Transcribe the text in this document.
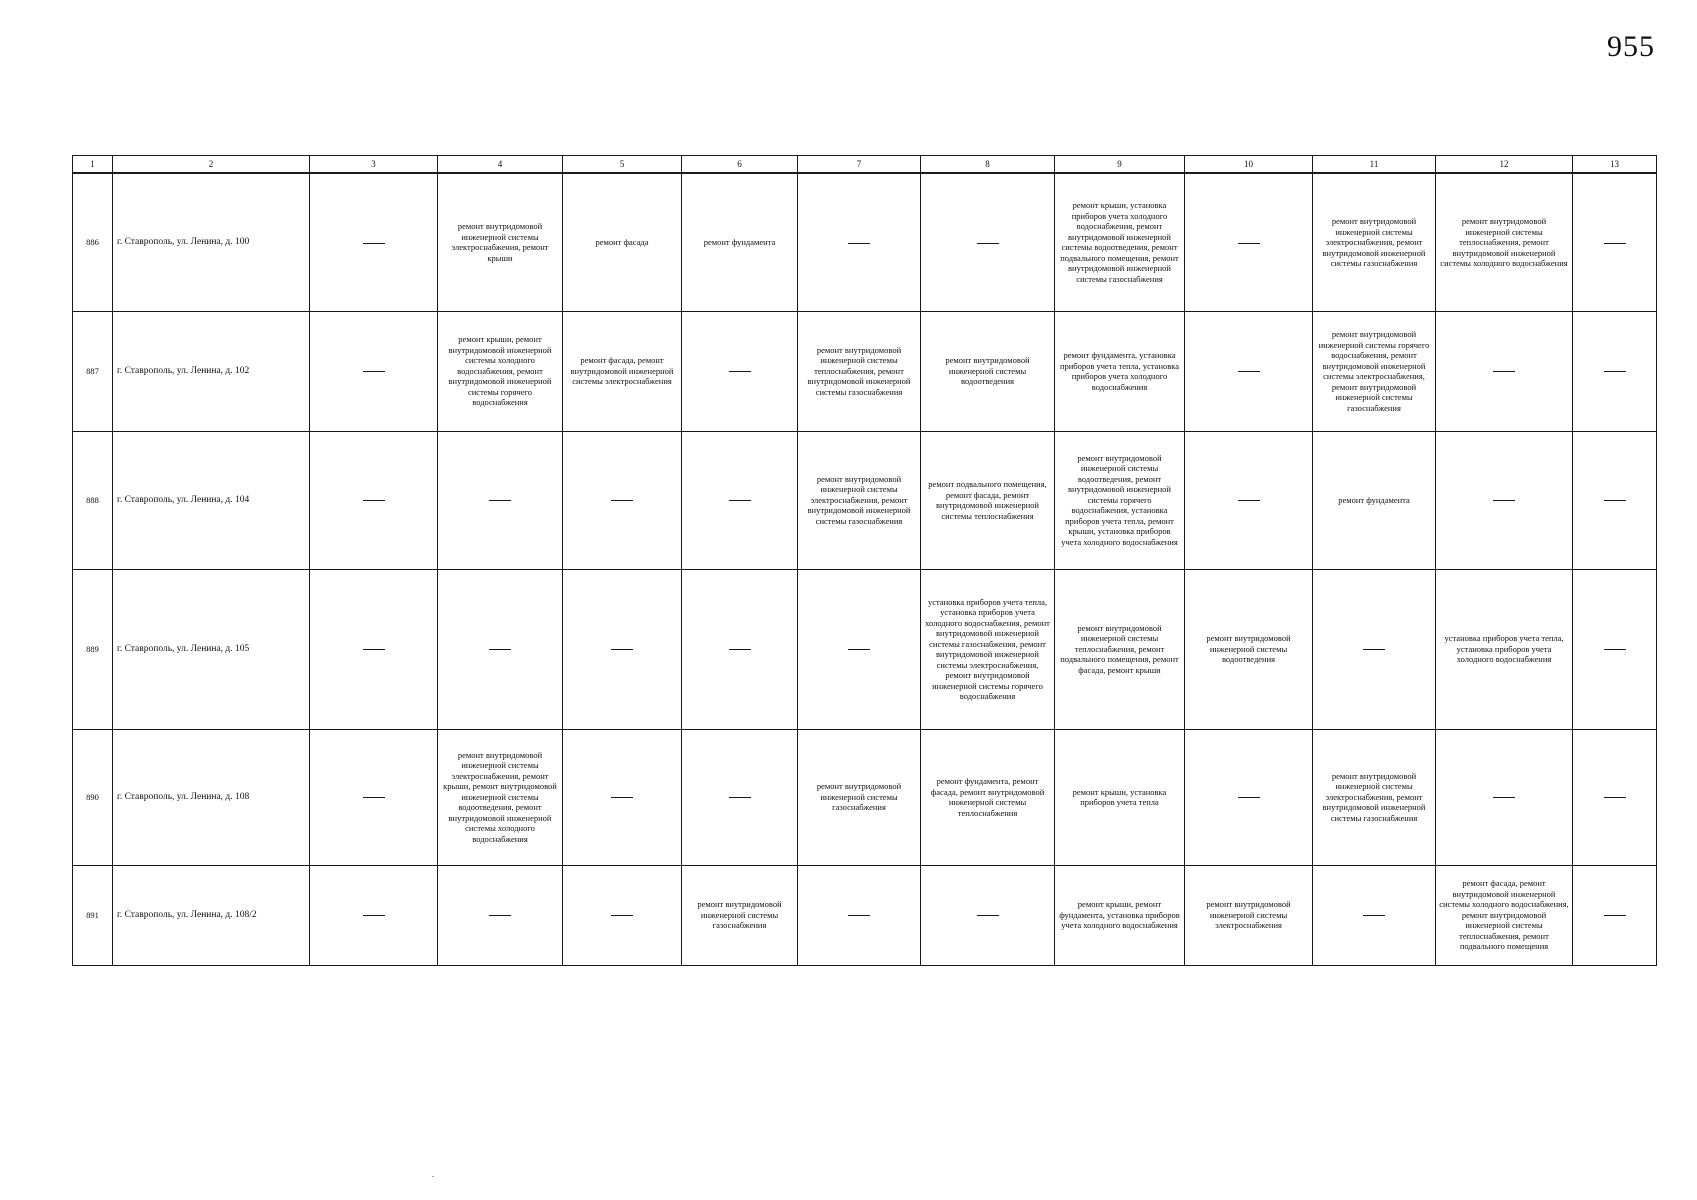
955
1	2	3	4	5	6	7	8	9	10	11	12	13
886	г. Ставрополь, ул. Ленина, д. 100		ремонт внутридомовой инженерной системы электроснабжения, ремонт крыши	ремонт фасада	ремонт фундамента			ремонт крыши, установка приборов учета холодного водоснабжения, ремонт внутридомовой инженерной системы водоотведения, ремонт подвального помещения, ремонт внутридомовой инженерной системы газоснабжения		ремонт внутридомовой инженерной системы электроснабжения, ремонт внутридомовой инженерной системы газоснабжения	ремонт внутридомовой инженерной системы теплоснабжения, ремонт внутридомовой инженерной системы холодного водоснабжения	
887	г. Ставрополь, ул. Ленина, д. 102		ремонт крыши, ремонт внутридомовой инженерной системы холодного водоснабжения, ремонт внутридомовой инженерной системы горячего водоснабжения	ремонт фасада, ремонт внутридомовой инженерной системы электроснабжения		ремонт внутридомовой инженерной системы теплоснабжения, ремонт внутридомовой инженерной системы газоснабжения	ремонт внутридомовой инженерной системы водоотведения	ремонт фундамента, установка приборов учета тепла, установка приборов учета холодного водоснабжения		ремонт внутридомовой инженерной системы горячего водоснабжения, ремонт внутридомовой инженерной системы электроснабжения, ремонт внутридомовой инженерной системы газоснабжения		
888	г. Ставрополь, ул. Ленина, д. 104					ремонт внутридомовой инженерной системы электроснабжения, ремонт внутридомовой инженерной системы газоснабжения	ремонт подвального помещения, ремонт фасада, ремонт внутридомовой инженерной системы теплоснабжения	ремонт внутридомовой инженерной системы водоотведения, ремонт внутридомовой инженерной системы горячего водоснабжения, установка приборов учета тепла, ремонт крыши, установка приборов учета холодного водоснабжения		ремонт фундамента		
889	г. Ставрополь, ул. Ленина, д. 105						установка приборов учета тепла, установка приборов учета холодного водоснабжения, ремонт внутридомовой инженерной системы газоснабжения, ремонт внутридомовой инженерной системы электроснабжения, ремонт внутридомовой инженерной системы горячего водоснабжения	ремонт внутридомовой инженерной системы теплоснабжения, ремонт подвального помещения, ремонт фасада, ремонт крыши	ремонт внутридомовой инженерной системы водоотведения		установка приборов учета тепла, установка приборов учета холодного водоснабжения	
890	г. Ставрополь, ул. Ленина, д. 108		ремонт внутридомовой инженерной системы электроснабжения, ремонт крыши, ремонт внутридомовой инженерной системы водоотведения, ремонт внутридомовой инженерной системы холодного водоснабжения			ремонт внутридомовой инженерной системы газоснабжения	ремонт фундамента, ремонт фасада, ремонт внутридомовой инженерной системы теплоснабжения	ремонт крыши, установка приборов учета тепла		ремонт внутридомовой инженерной системы электроснабжения, ремонт внутридомовой инженерной системы газоснабжения		
891	г. Ставрополь, ул. Ленина, д. 108/2				ремонт внутридомовой инженерной системы газоснабжения			ремонт крыши, ремонт фундамента, установка приборов учета холодного водоснабжения	ремонт внутридомовой инженерной системы электроснабжения		ремонт фасада, ремонт внутридомовой инженерной системы холодного водоснабжения, ремонт внутридомовой инженерной системы теплоснабжения, ремонт подвального помещения	
.
